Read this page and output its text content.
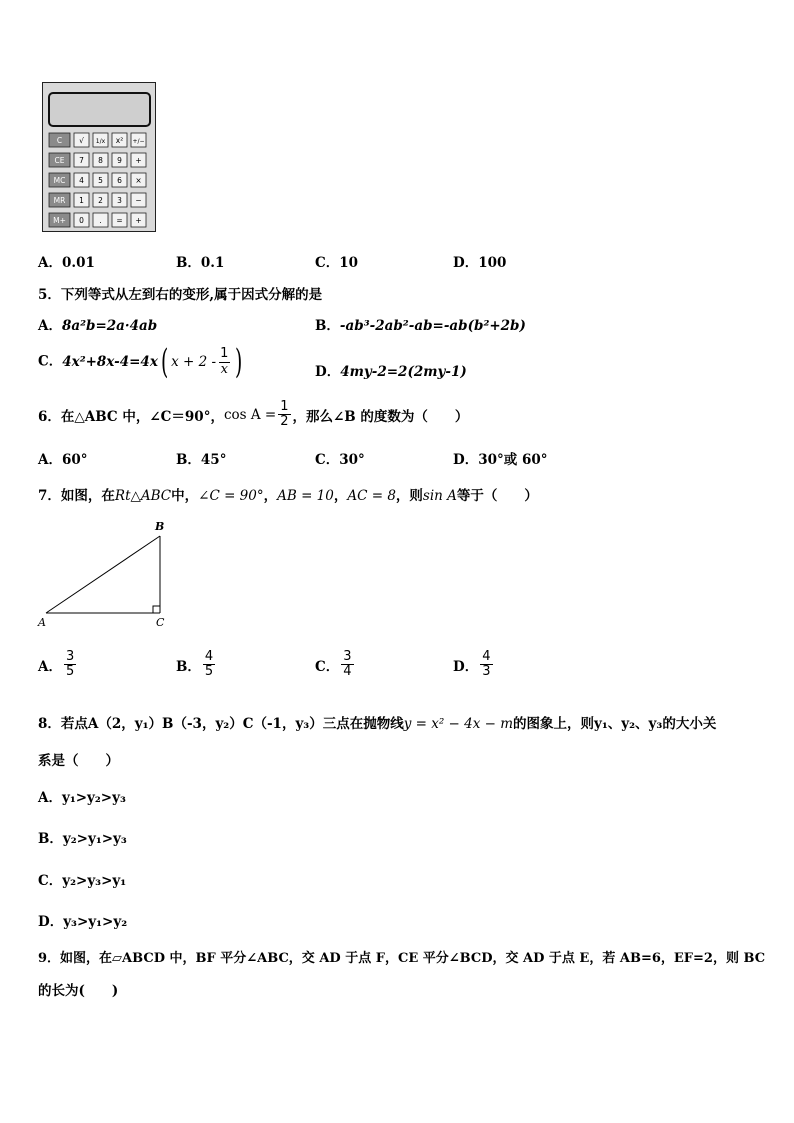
C √ 1/x x² +/−
CE 7 8 9 +
MC 4 5 6 ×
MR 1 2 3 −
M+ 0 . = +
A．0.01	B．0.1	C．10	D．100
5．下列等式从左到右的变形,属于因式分解的是
A．8a²b=2a·4ab	B．-ab³-2ab²-ab=-ab(b²+2b)
C．4x²+8x-4=4x( $x + 2 - \frac{1}{x}$ )	D．4my-2=2(2my-1)
6．在△ABC 中，∠C＝90°，$\cos A = \frac{1}{2}$ ，那么∠B 的度数为（　　）
A．60°	B．45°	C．30°	D．30°或 60°
7．如图，在Rt△ABC中，∠C = 90°，AB = 10，AC = 8，则sin A等于（　　）
B
A	C
A． $\frac{3}{5}$	B． $\frac{4}{5}$	C． $\frac{3}{4}$	D． $\frac{4}{3}$
8．若点A（2，y₁）B（-3，y₂）C（-1，y₃）三点在抛物线y = x² − 4x − m的图象上，则y₁、y₂、y₃的大小关
系是（　　）
A．y₁>y₂>y₃
B．y₂>y₁>y₃
C．y₂>y₃>y₁
D．y₃>y₁>y₂
9．如图，在▱ABCD 中，BF 平分∠ABC，交 AD 于点 F，CE 平分∠BCD，交 AD 于点 E，若 AB=6，EF=2，则 BC
的长为(　　)
